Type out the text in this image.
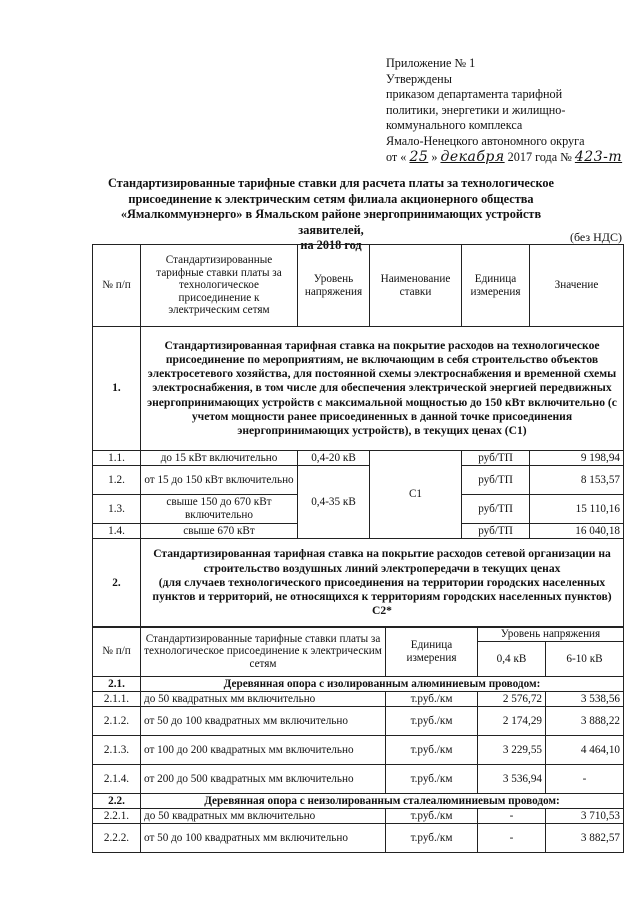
Приложение № 1
Утверждены
приказом департамента тарифной
политики, энергетики и жилищно-
коммунального комплекса
Ямало-Ненецкого автономного округа
от « 25 » декабря 2017 года № 423-т
Стандартизированные тарифные ставки для расчета платы за технологическое
присоединение к электрическим сетям филиала акционерного общества
«Ямалкоммунэнерго» в Ямальском районе энергопринимающих устройств заявителей,
на 2018 год
(без НДС)
№ п/п	Стандартизированные тарифные ставки платы за технологическое присоединение к электрическим сетям	Уровень напряжения	Наименование ставки	Единица измерения	Значение
1.	Стандартизированная тарифная ставка на покрытие расходов на технологическое присоединение по мероприятиям, не включающим в себя строительство объектов электросетевого хозяйства, для постоянной схемы электроснабжения и временной схемы электроснабжения, в том числе для обеспечения электрической энергией передвижных энергопринимающих устройств с максимальной мощностью до 150 кВт включительно (с учетом мощности ранее присоединенных в данной точке присоединения энергопринимающих устройств), в текущих ценах (С1)				
1.1.	до 15 кВт включительно	0,4-20 кВ	С1	руб/ТП	9 198,94
1.2.	от 15 до 150 кВт включительно	0,4-35 кВ		руб/ТП	8 153,57
1.3.	свыше 150 до 670 кВт включительно			руб/ТП	15 110,16
1.4.	свыше 670 кВт			руб/ТП	16 040,18
2.	Стандартизированная тарифная ставка на покрытие расходов сетевой организации на строительство воздушных линий электропередачи в текущих ценах
(для случаев технологического присоединения на территории городских населенных пунктов и территорий, не относящихся к территориям городских населенных пунктов) С2*				
№ п/п	Стандартизированные тарифные ставки платы за технологическое присоединение к электрическим сетям	Единица измерения	Уровень напряжения	
			0,4 кВ	6-10 кВ
2.1.	Деревянная опора с изолированным алюминиевым проводом:			
2.1.1.	до 50 квадратных мм включительно	т.руб./км	2 576,72	3 538,56
2.1.2.	от 50 до 100 квадратных мм включительно	т.руб./км	2 174,29	3 888,22
2.1.3.	от 100 до 200 квадратных мм включительно	т.руб./км	3 229,55	4 464,10
2.1.4.	от 200 до 500 квадратных мм включительно	т.руб./км	3 536,94	-
2.2.	Деревянная опора с неизолированным сталеалюминиевым проводом:			
2.2.1.	до 50 квадратных мм включительно	т.руб./км	-	3 710,53
2.2.2.	от 50 до 100 квадратных мм включительно	т.руб./км	-	3 882,57
